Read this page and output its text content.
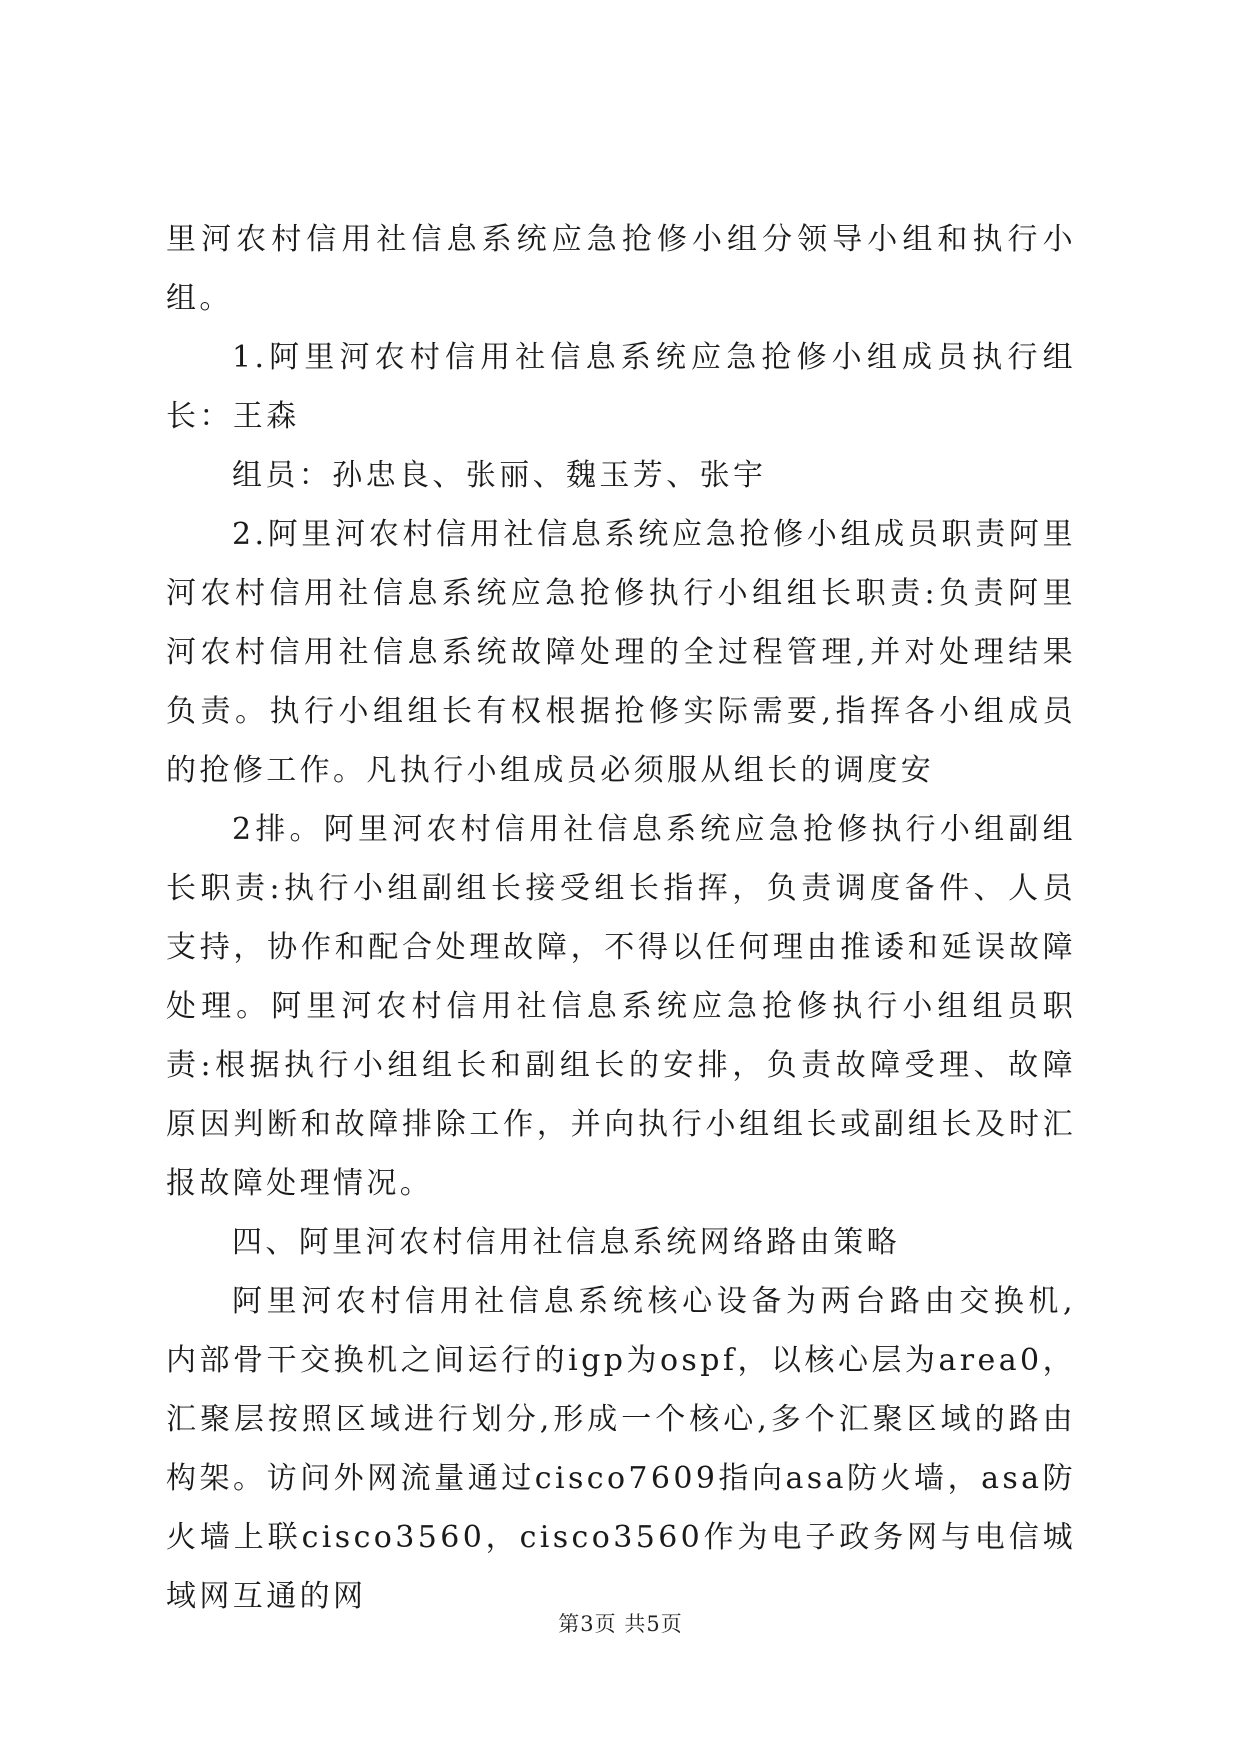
里河农村信用社信息系统应急抢修小组分领导小组和执行小组。

1.阿里河农村信用社信息系统应急抢修小组成员执行组长：王森

组员：孙忠良、张丽、魏玉芳、张宇

2.阿里河农村信用社信息系统应急抢修小组成员职责阿里河农村信用社信息系统应急抢修执行小组组长职责:负责阿里河农村信用社信息系统故障处理的全过程管理,并对处理结果负责。执行小组组长有权根据抢修实际需要,指挥各小组成员的抢修工作。凡执行小组成员必须服从组长的调度安

2排。阿里河农村信用社信息系统应急抢修执行小组副组长职责:执行小组副组长接受组长指挥，负责调度备件、人员支持，协作和配合处理故障，不得以任何理由推诿和延误故障处理。阿里河农村信用社信息系统应急抢修执行小组组员职责:根据执行小组组长和副组长的安排，负责故障受理、故障原因判断和故障排除工作，并向执行小组组长或副组长及时汇报故障处理情况。

四、阿里河农村信用社信息系统网络路由策略

阿里河农村信用社信息系统核心设备为两台路由交换机,内部骨干交换机之间运行的igp为ospf，以核心层为area0，汇聚层按照区域进行划分,形成一个核心,多个汇聚区域的路由构架。访问外网流量通过cisco7609指向asa防火墙，asa防火墙上联cisco3560，cisco3560作为电子政务网与电信城域网互通的网

第3页 共5页
